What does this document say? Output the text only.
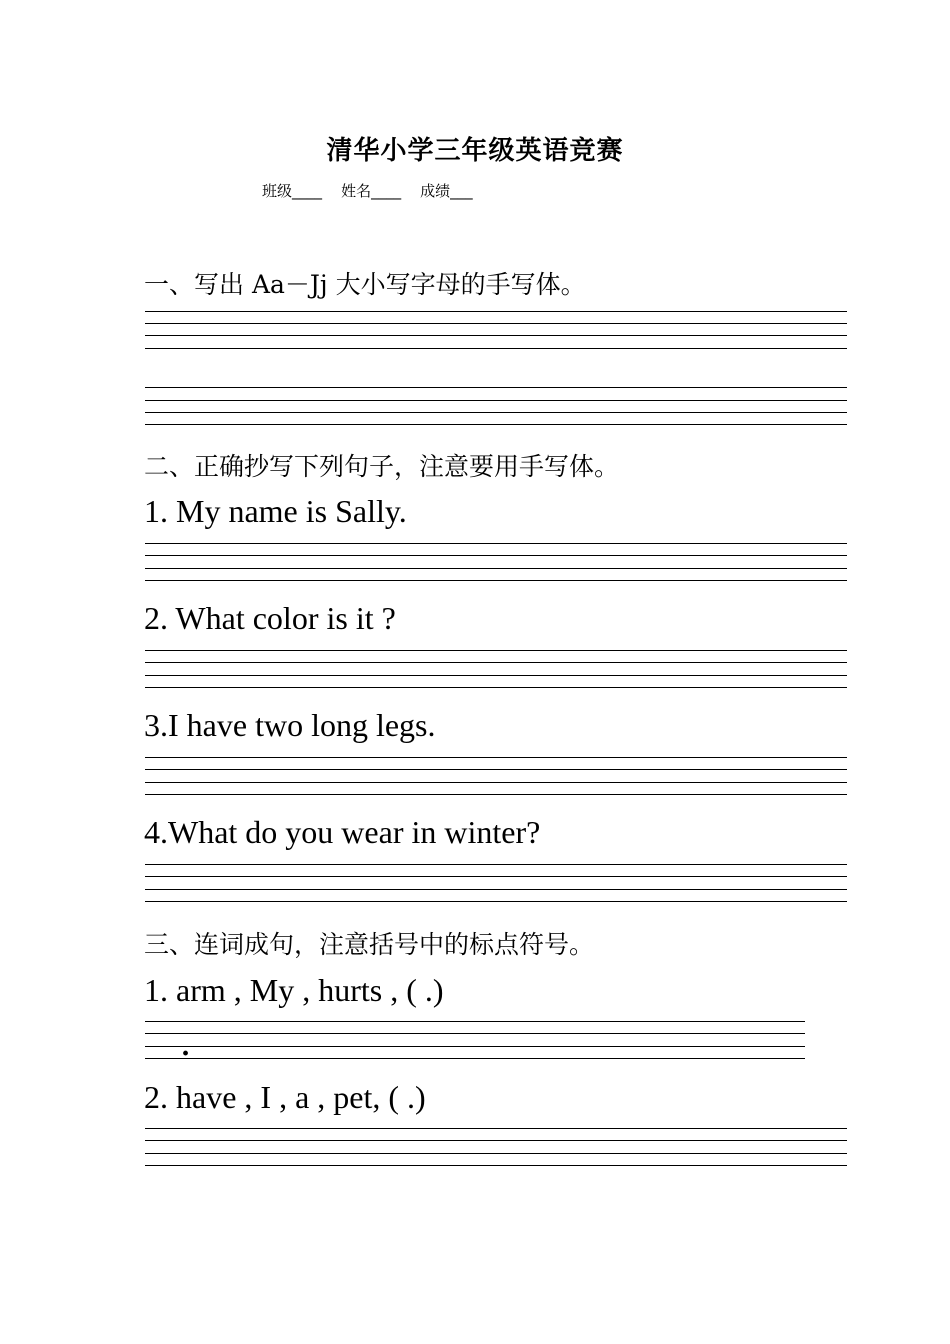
清华小学三年级英语竞赛
班级____    姓名____    成绩___
一、写出 Aa－Jj 大小写字母的手写体。
二、正确抄写下列句子，注意要用手写体。
1. My name is Sally.
2. What color is it ?
3.I have two long legs.
4.What do you wear in winter?
三、连词成句，注意括号中的标点符号。
1. arm , My , hurts , ( .)
.
2. have , I , a , pet, ( .)
